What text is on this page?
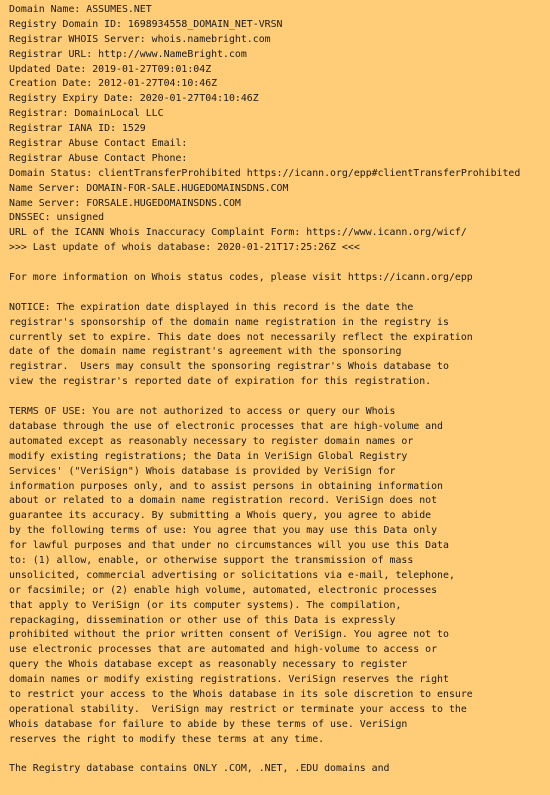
Domain Name: ASSUMES.NET
Registry Domain ID: 1698934558_DOMAIN_NET-VRSN
Registrar WHOIS Server: whois.namebright.com
Registrar URL: http://www.NameBright.com
Updated Date: 2019-01-27T09:01:04Z
Creation Date: 2012-01-27T04:10:46Z
Registry Expiry Date: 2020-01-27T04:10:46Z
Registrar: DomainLocal LLC
Registrar IANA ID: 1529
Registrar Abuse Contact Email:
Registrar Abuse Contact Phone:
Domain Status: clientTransferProhibited https://icann.org/epp#clientTransferProhibited
Name Server: DOMAIN-FOR-SALE.HUGEDOMAINSDNS.COM
Name Server: FORSALE.HUGEDOMAINSDNS.COM
DNSSEC: unsigned
URL of the ICANN Whois Inaccuracy Complaint Form: https://www.icann.org/wicf/
>>> Last update of whois database: 2020-01-21T17:25:26Z <<<
For more information on Whois status codes, please visit https://icann.org/epp
NOTICE: The expiration date displayed in this record is the date the
registrar's sponsorship of the domain name registration in the registry is
currently set to expire. This date does not necessarily reflect the expiration
date of the domain name registrant's agreement with the sponsoring
registrar.  Users may consult the sponsoring registrar's Whois database to
view the registrar's reported date of expiration for this registration.
TERMS OF USE: You are not authorized to access or query our Whois
database through the use of electronic processes that are high-volume and
automated except as reasonably necessary to register domain names or
modify existing registrations; the Data in VeriSign Global Registry
Services' ("VeriSign") Whois database is provided by VeriSign for
information purposes only, and to assist persons in obtaining information
about or related to a domain name registration record. VeriSign does not
guarantee its accuracy. By submitting a Whois query, you agree to abide
by the following terms of use: You agree that you may use this Data only
for lawful purposes and that under no circumstances will you use this Data
to: (1) allow, enable, or otherwise support the transmission of mass
unsolicited, commercial advertising or solicitations via e-mail, telephone,
or facsimile; or (2) enable high volume, automated, electronic processes
that apply to VeriSign (or its computer systems). The compilation,
repackaging, dissemination or other use of this Data is expressly
prohibited without the prior written consent of VeriSign. You agree not to
use electronic processes that are automated and high-volume to access or
query the Whois database except as reasonably necessary to register
domain names or modify existing registrations. VeriSign reserves the right
to restrict your access to the Whois database in its sole discretion to ensure
operational stability.  VeriSign may restrict or terminate your access to the
Whois database for failure to abide by these terms of use. VeriSign
reserves the right to modify these terms at any time.
The Registry database contains ONLY .COM, .NET, .EDU domains and
